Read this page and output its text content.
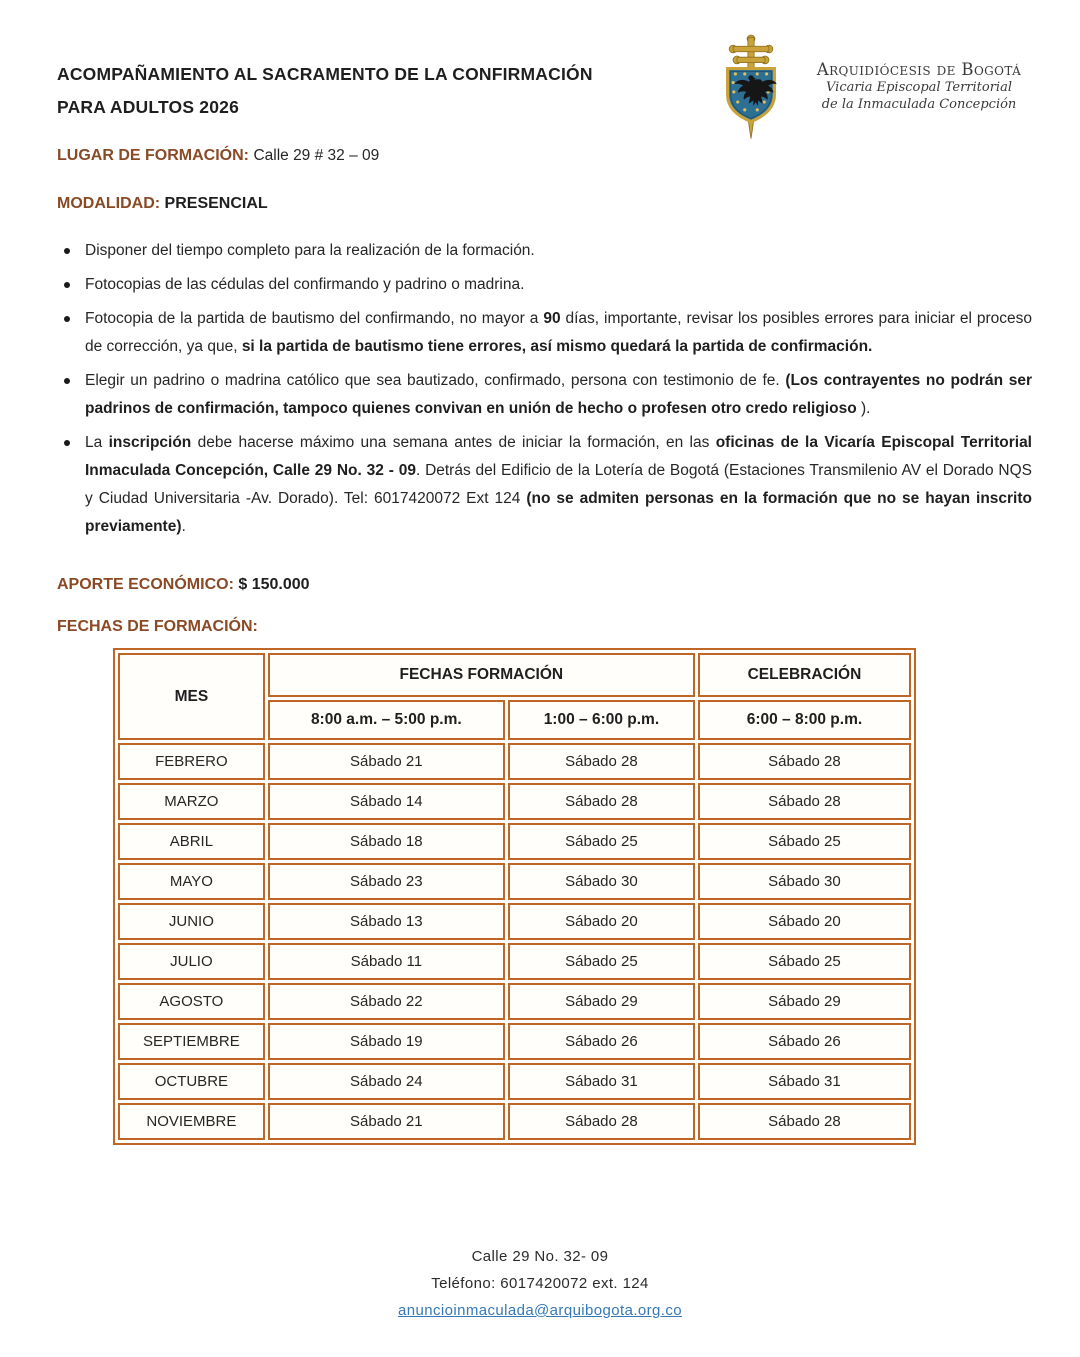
ACOMPAÑAMIENTO AL SACRAMENTO DE LA CONFIRMACIÓN
PARA ADULTOS 2026
Arquidiócesis de Bogotá
Vicaria Episcopal Territorial
de la Inmaculada Concepción
LUGAR DE FORMACIÓN: Calle 29 # 32 – 09
MODALIDAD: PRESENCIAL
Disponer del tiempo completo para la realización de la formación.
Fotocopias de las cédulas del confirmando y padrino o madrina.
Fotocopia de la partida de bautismo del confirmando, no mayor a 90 días, importante, revisar los posibles errores para iniciar el proceso de corrección, ya que, si la partida de bautismo tiene errores, así mismo quedará la partida de confirmación.
Elegir un padrino o madrina católico que sea bautizado, confirmado, persona con testimonio de fe. (Los contrayentes no podrán ser padrinos de confirmación, tampoco quienes convivan en unión de hecho o profesen otro credo religioso ).
La inscripción debe hacerse máximo una semana antes de iniciar la formación, en las oficinas de la Vicaría Episcopal Territorial Inmaculada Concepción, Calle 29 No. 32 - 09. Detrás del Edificio de la Lotería de Bogotá (Estaciones Transmilenio AV el Dorado NQS y Ciudad Universitaria -Av. Dorado). Tel: 6017420072 Ext 124 (no se admiten personas en la formación que no se hayan inscrito previamente).
APORTE ECONÓMICO: $ 150.000
FECHAS DE FORMACIÓN:
MES	FECHAS FORMACIÓN		CELEBRACIÓN
	8:00 a.m. – 5:00 p.m.	1:00 – 6:00 p.m.	6:00 – 8:00 p.m.
FEBRERO	Sábado 21	Sábado 28	Sábado 28
MARZO	Sábado 14	Sábado 28	Sábado 28
ABRIL	Sábado 18	Sábado 25	Sábado 25
MAYO	Sábado 23	Sábado 30	Sábado 30
JUNIO	Sábado 13	Sábado 20	Sábado 20
JULIO	Sábado 11	Sábado 25	Sábado 25
AGOSTO	Sábado 22	Sábado 29	Sábado 29
SEPTIEMBRE	Sábado 19	Sábado 26	Sábado 26
OCTUBRE	Sábado 24	Sábado 31	Sábado 31
NOVIEMBRE	Sábado 21	Sábado 28	Sábado 28
Calle 29 No. 32- 09
Teléfono: 6017420072 ext. 124
anuncioinmaculada@arquibogota.org.co
